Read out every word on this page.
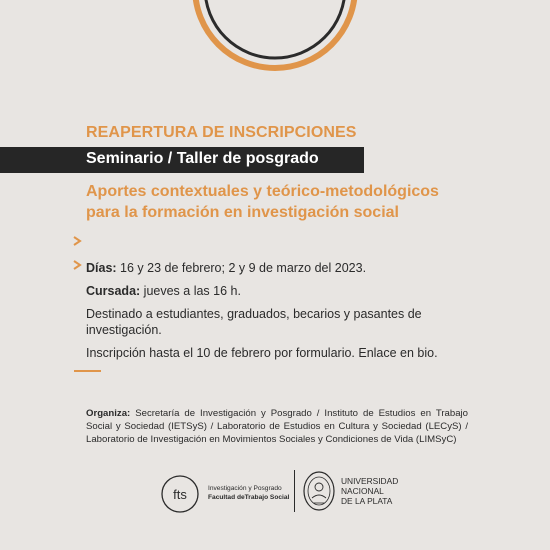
REAPERTURA DE INSCRIPCIONES
Seminario / Taller de posgrado
Aportes contextuales y teórico-metodológicos
para la formación en investigación social
Días: 16 y 23 de febrero; 2 y 9 de marzo del 2023.
Cursada: jueves a las 16 h.
Destinado a estudiantes, graduados, becarios y pasantes de
investigación.
Inscripción hasta el 10 de febrero por formulario. Enlace en bio.
Organiza: Secretaría de Investigación y Posgrado / Instituto de Estudios en Trabajo Social y Sociedad (IETSyS) / Laboratorio de Estudios en Cultura y Sociedad (LECyS) / Laboratorio de Investigación en Movimientos Sociales y Condiciones de Vida (LIMSyC)
fts	Investigación y Posgrado
Facultad deTrabajo Social
UNIVERSIDAD
NACIONAL
DE LA PLATA
